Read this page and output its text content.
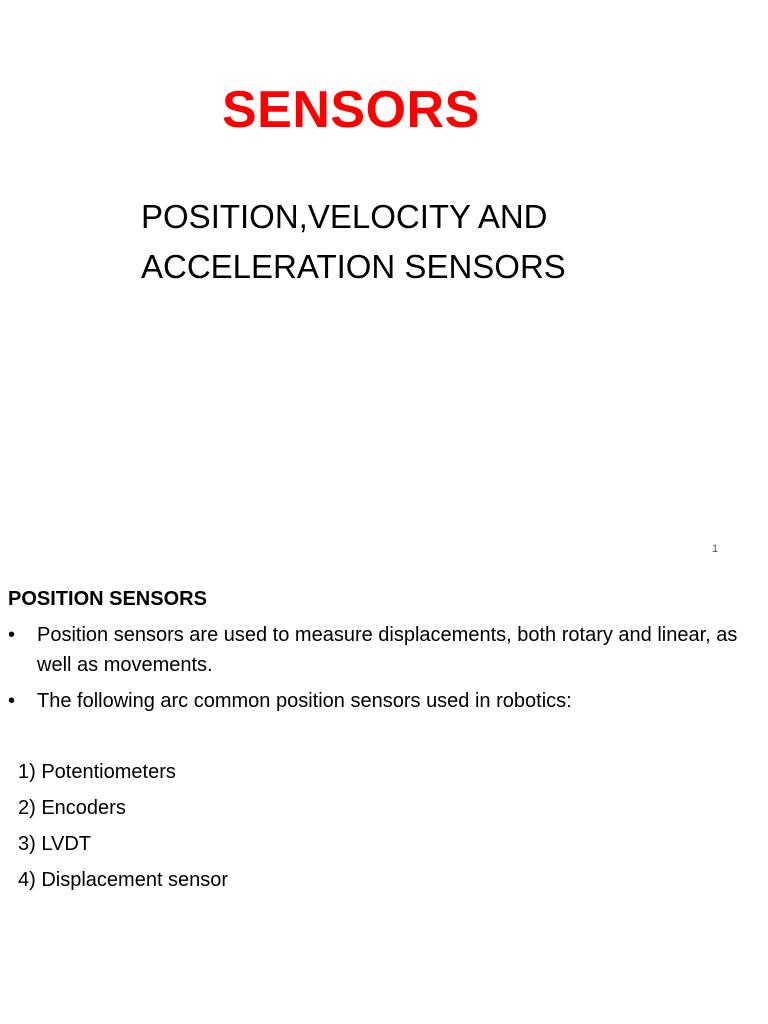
SENSORS
POSITION,VELOCITY AND
ACCELERATION SENSORS
1
POSITION SENSORS
•	Position sensors are used to measure displacements, both rotary and linear, as well as movements.
•	The following arc common position sensors used in robotics:
1) Potentiometers
2) Encoders
3) LVDT
4) Displacement sensor
